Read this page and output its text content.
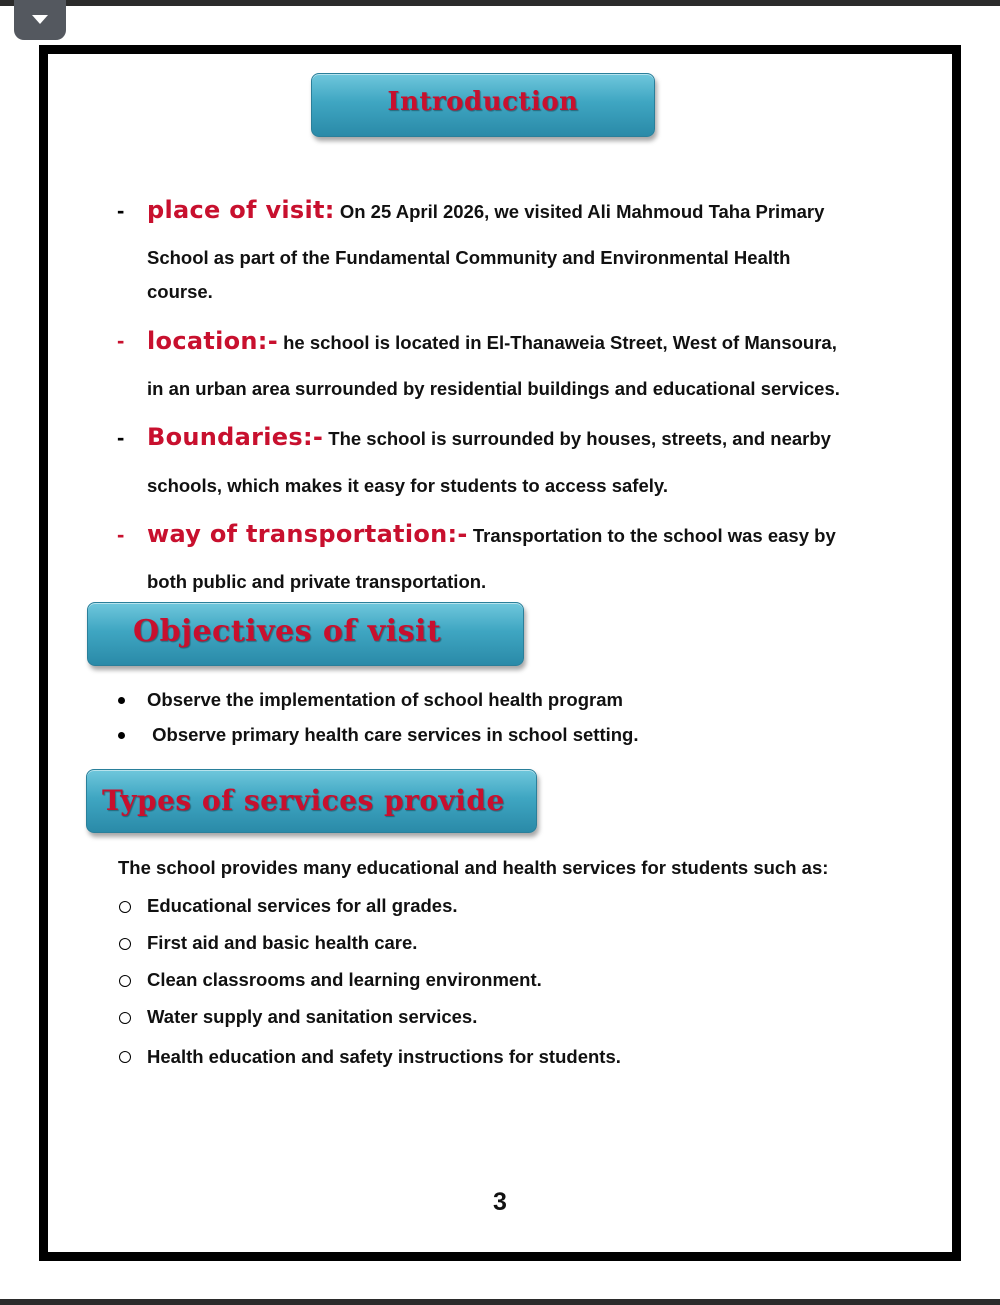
Introduction
- place of visit: On 25 April 2026, we visited Ali Mahmoud Taha Primary
School as part of the Fundamental Community and Environmental Health
course.
- location:- he school is located in El-Thanaweia Street, West of Mansoura,
in an urban area surrounded by residential buildings and educational services.
- Boundaries:- The school is surrounded by houses, streets, and nearby
schools, which makes it easy for students to access safely.
- way of transportation:- Transportation to the school was easy by
both public and private transportation.
Objectives of visit
Observe the implementation of school health program
Observe primary health care services in school setting.
Types of services provide
The school provides many educational and health services for students such as:
Educational services for all grades.
First aid and basic health care.
Clean classrooms and learning environment.
Water supply and sanitation services.
Health education and safety instructions for students.
3
